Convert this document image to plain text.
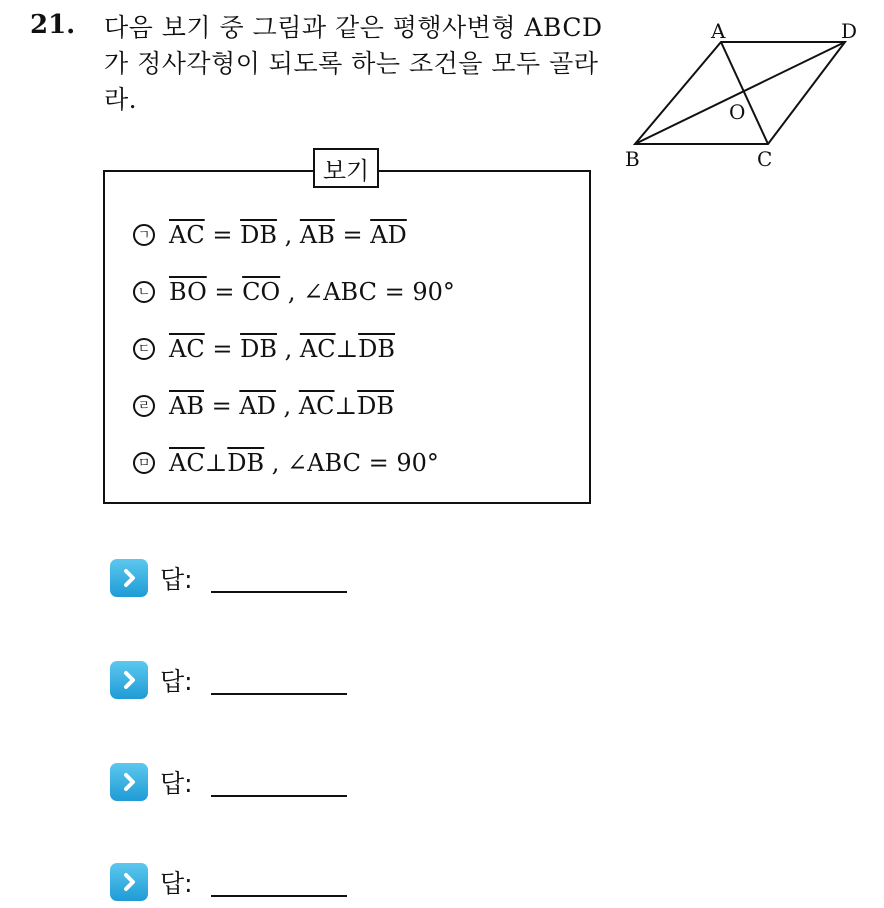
21. 다음 보기 중 그림과 같은 평행사변형 ABCD
가 정사각형이 되도록 하는 조건을 모두 골라
라.
A	D
B	C
O
보기
ㄱ $\overline{AC} = \overline{DB}$ , $\overline{AB} = \overline{AD}$
ㄴ $\overline{BO} = \overline{CO}$ , ∠ABC = 90°
ㄷ $\overline{AC} = \overline{DB}$ , $\overline{AC}$ ⊥ $\overline{DB}$
ㄹ $\overline{AB} = \overline{AD}$ , $\overline{AC}$ ⊥ $\overline{DB}$
ㅁ $\overline{AC}$ ⊥ $\overline{DB}$ , ∠ABC = 90°
답:
답:
답:
답:
